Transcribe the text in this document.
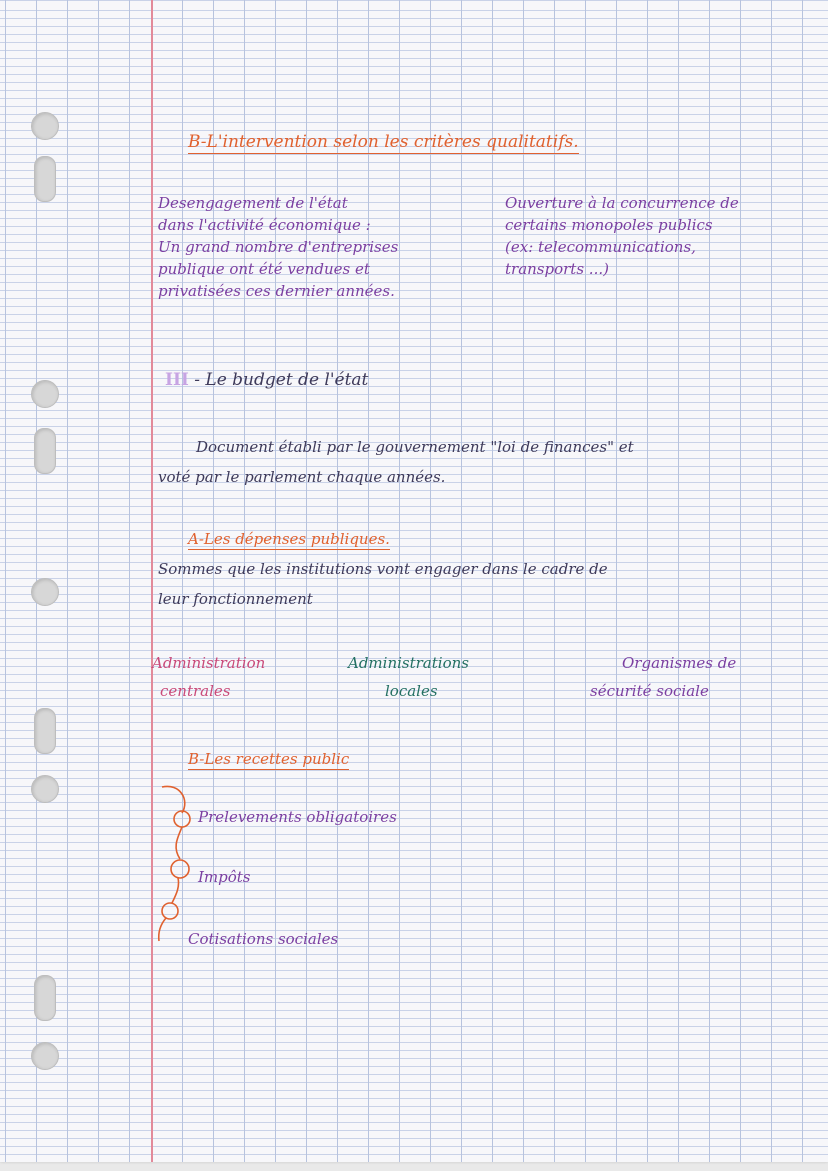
B-L'intervention selon les critères qualitatifs.
Desengagement de l'état
dans l'activité économique :
Un grand nombre d'entreprises
publique ont été vendues et
privatisées ces dernier années.
Ouverture à la concurrence de
certains monopoles publics
(ex: telecommunications,
transports ...)
III - Le budget de l'état
Document établi par le gouvernement "loi de finances" et
voté par le parlement chaque années.
A-Les dépenses publiques.
Sommes que les institutions vont engager dans le cadre de
leur fonctionnement
Administration
centrales
Administrations
locales
Organismes de
sécurité sociale
B-Les recettes public
Prelevements obligatoires
Impôts
Cotisations sociales
